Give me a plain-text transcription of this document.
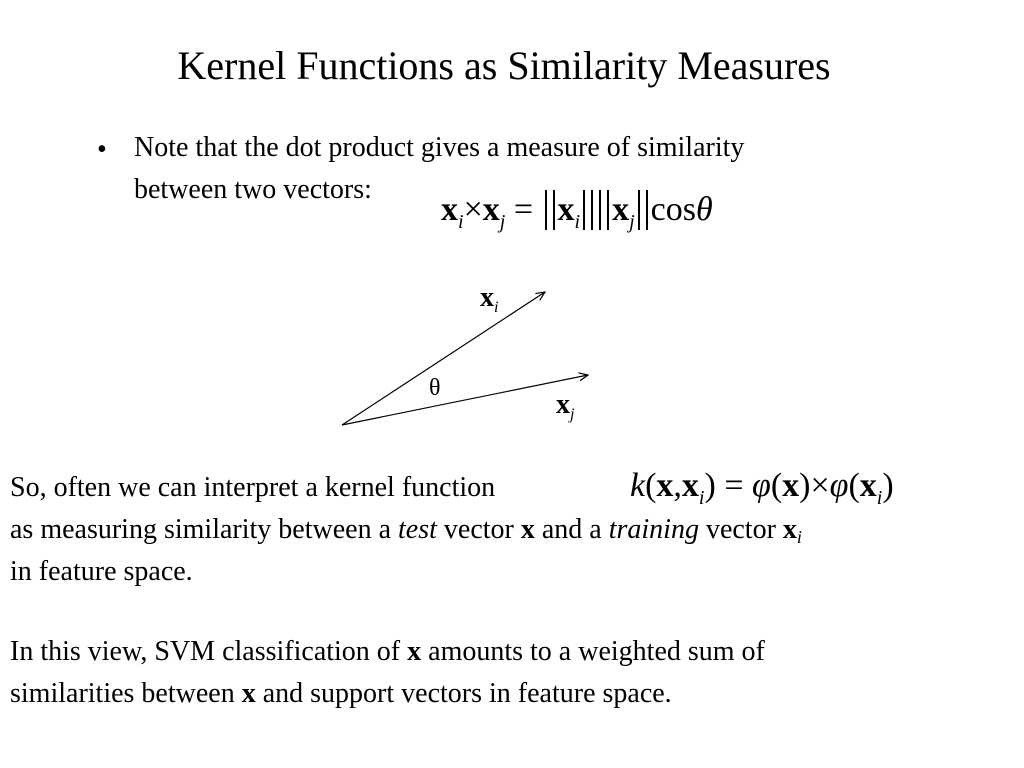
Kernel Functions as Similarity Measures
• Note that the dot product gives a measure of similarity
between two vectors:
$x_i\times x_j = x_i$ $x_j$ cosθ
$x_i$
θ
$x_j$
So, often we can interpret a kernel function	$k(x,x_i) = \varphi(x)\times\varphi(x_i)$
as measuring similarity between a test vector x and a training vector $x_i$
in feature space.
In this view, SVM classification of x amounts to a weighted sum of
similarities between x and support vectors in feature space.
